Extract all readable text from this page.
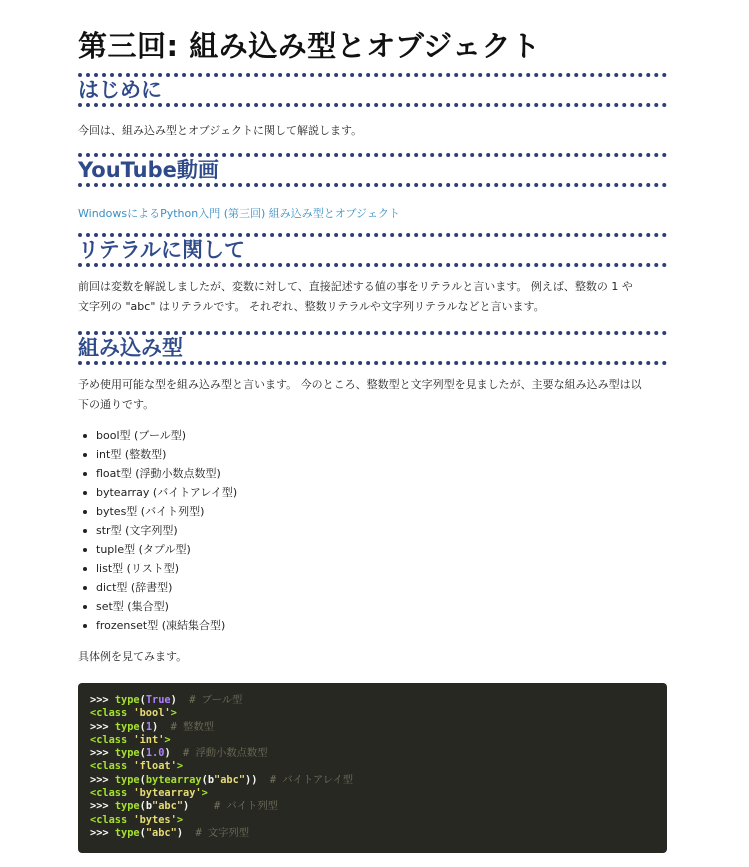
第三回: 組み込み型とオブジェクト
はじめに

今回は、組み込み型とオブジェクトに関して解説します。

YouTube動画
WindowsによるPython入門 (第三回) 組み込み型とオブジェクト
リテラルに関して

前回は変数を解説しましたが、変数に対して、直接記述する値の事をリテラルと言います。 例えば、整数の 1 や

文字列の "abc" はリテラルです。 それぞれ、整数リテラルや文字列リテラルなどと言います。

組み込み型

予め使用可能な型を組み込み型と言います。 今のところ、整数型と文字列型を見ましたが、主要な組み込み型は以

下の通りです。

bool型 (ブール型)
int型 (整数型)
float型 (浮動小数点数型)
bytearray (バイトアレイ型)
bytes型 (バイト列型)
str型 (文字列型)
tuple型 (タプル型)
list型 (リスト型)
dict型 (辞書型)
set型 (集合型)
frozenset型 (凍結集合型)

具体例を見てみます。

>>> type(True)  # ブール型
<class 'bool'>
>>> type(1)  # 整数型
<class 'int'>
>>> type(1.0)  # 浮動小数点数型
<class 'float'>
>>> type(bytearray(b"abc"))  # バイトアレイ型
<class 'bytearray'>
>>> type(b"abc")    # バイト列型
<class 'bytes'>
>>> type("abc")  # 文字列型
